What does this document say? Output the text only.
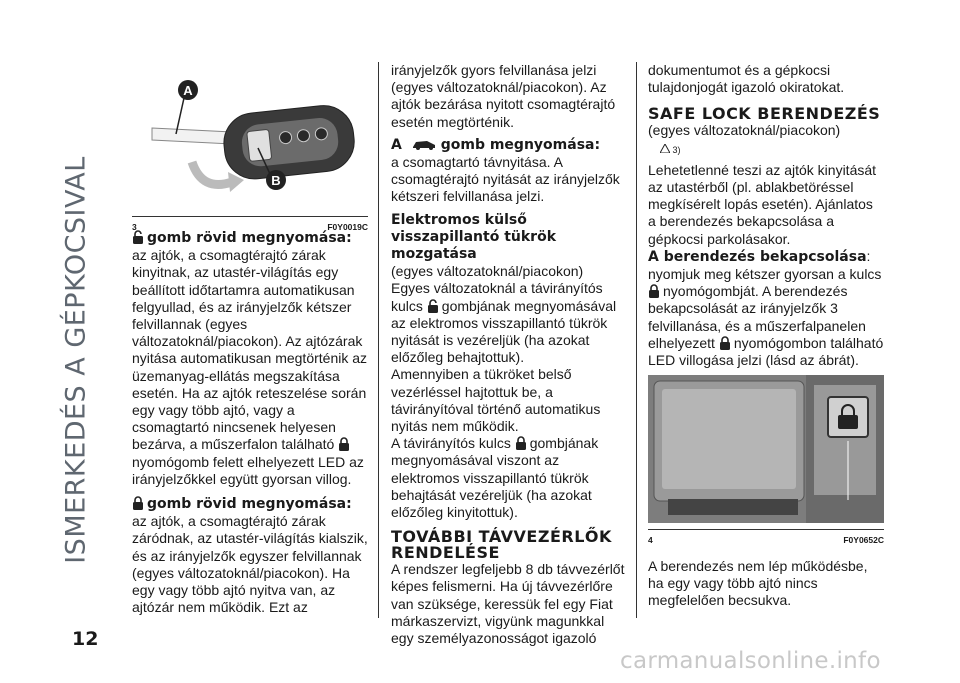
ISMERKEDÉS A GÉPKOCSIVAL
12
carmanualsonline.info
A
B
3	F0Y0019C

gomb rövid megnyomása:

az ajtók, a csomagtérajtó zárak kinyitnak, az utastér-világítás egy beállított időtartamra automatikusan felgyullad, és az irányjelzők kétszer felvillannak (egyes változatoknál/piacokon). Az ajtózárak nyitása automatikusan megtörténik az üzemanyag-ellátás megszakítása esetén. Ha az ajtók reteszelése során egy vagy több ajtó, vagy a csomagtartó nincsenek helyesen bezárva, a műszerfalon található nyomógomb felett elhelyezett LED az irányjelzőkkel együtt gyorsan villog.

gomb rövid megnyomása:

az ajtók, a csomagtérajtó zárak záródnak, az utastér-világítás kialszik, és az irányjelzők egyszer felvillannak (egyes változatoknál/piacokon). Ha egy vagy több ajtó nyitva van, az ajtózár nem működik. Ezt az

irányjelzők gyors felvillanása jelzi (egyes változatoknál/piacokon). Az ajtók bezárása nyitott csomagtérajtó esetén megtörténik.

A	gomb megnyomása:

a csomagtartó távnyitása. A csomagtérajtó nyitását az irányjelzők kétszeri felvillanása jelzi.

Elektromos külső visszapillantó tükrök mozgatása

(egyes változatoknál/piacokon)

Egyes változatoknál a távirányítós kulcs gombjának megnyomásával az elektromos visszapillantó tükrök nyitását is vezéreljük (ha azokat előzőleg behajtottuk).

Amennyiben a tükröket belső vezérléssel hajtottuk be, a távirányítóval történő automatikus nyitás nem működik.

A távirányítós kulcs gombjának megnyomásával viszont az elektromos visszapillantó tükrök behajtását vezéreljük (ha azokat előzőleg kinyitottuk).

TOVÁBBI TÁVVEZÉRLŐK RENDELÉSE

A rendszer legfeljebb 8 db távvezérlőt képes felismerni. Ha új távvezérlőre van szüksége, keressük fel egy Fiat márkaszervizt, vigyünk magunkkal egy személyazonosságot igazoló

dokumentumot és a gépkocsi tulajdonjogát igazoló okiratokat.

SAFE LOCK BERENDEZÉS

(egyes változatoknál/piacokon)

3)

Lehetetlenné teszi az ajtók kinyitását az utastérből (pl. ablakbetöréssel megkísérelt lopás esetén). Ajánlatos a berendezés bekapcsolása a gépkocsi parkolásakor.

A berendezés bekapcsolása: nyomjuk meg kétszer gyorsan a kulcs nyomógombját. A berendezés bekapcsolását az irányjelzők 3 felvillanása, és a műszerfalpanelen elhelyezett nyomógombon található LED villogása jelzi (lásd az ábrát).

4	F0Y0652C

A berendezés nem lép működésbe, ha egy vagy több ajtó nincs megfelelően becsukva.
